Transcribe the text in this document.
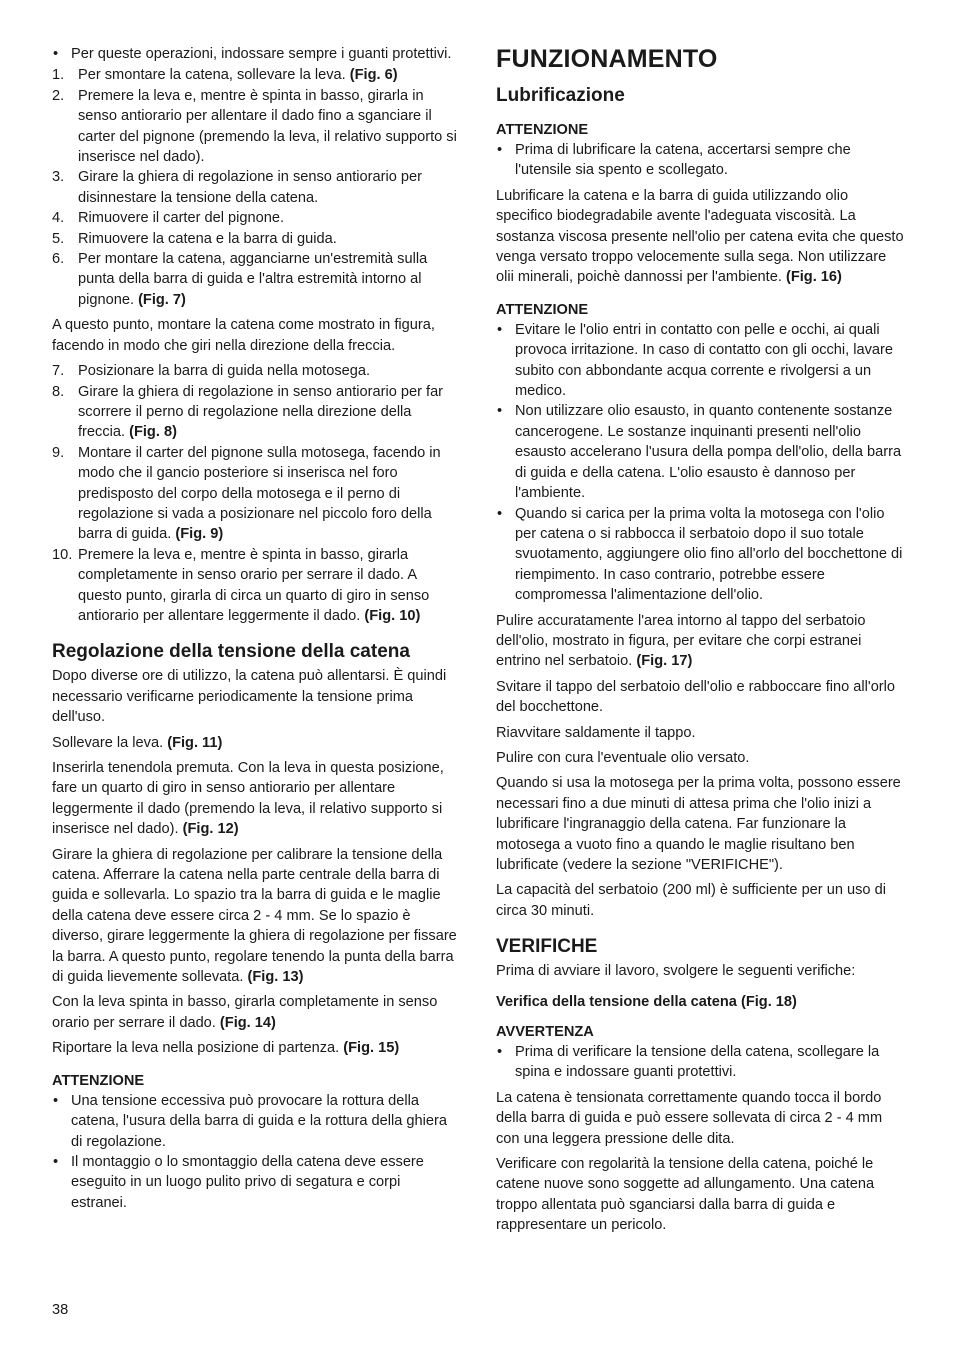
• Per queste operazioni, indossare sempre i guanti protettivi.
1. Per smontare la catena, sollevare la leva. (Fig. 6)
2. Premere la leva e, mentre è spinta in basso, girarla in senso antiorario per allentare il dado fino a sganciare il carter del pignone (premendo la leva, il relativo supporto si inserisce nel dado).
3. Girare la ghiera di regolazione in senso antiorario per disinnestare la tensione della catena.
4. Rimuovere il carter del pignone.
5. Rimuovere la catena e la barra di guida.
6. Per montare la catena, agganciarne un'estremità sulla punta della barra di guida e l'altra estremità intorno al pignone. (Fig. 7)

A questo punto, montare la catena come mostrato in figura, facendo in modo che giri nella direzione della freccia.

7. Posizionare la barra di guida nella motosega.
8. Girare la ghiera di regolazione in senso antiorario per far scorrere il perno di regolazione nella direzione della freccia. (Fig. 8)
9. Montare il carter del pignone sulla motosega, facendo in modo che il gancio posteriore si inserisca nel foro predisposto del corpo della motosega e il perno di regolazione si vada a posizionare nel piccolo foro della barra di guida. (Fig. 9)
10. Premere la leva e, mentre è spinta in basso, girarla completamente in senso orario per serrare il dado. A questo punto, girarla di circa un quarto di giro in senso antiorario per allentare leggermente il dado. (Fig. 10)
Regolazione della tensione della catena

Dopo diverse ore di utilizzo, la catena può allentarsi. È quindi necessario verificarne periodicamente la tensione prima dell'uso.

Sollevare la leva. (Fig. 11)

Inserirla tenendola premuta. Con la leva in questa posizione, fare un quarto di giro in senso antiorario per allentare leggermente il dado (premendo la leva, il relativo supporto si inserisce nel dado). (Fig. 12)

Girare la ghiera di regolazione per calibrare la tensione della catena. Afferrare la catena nella parte centrale della barra di guida e sollevarla. Lo spazio tra la barra di guida e le maglie della catena deve essere circa 2 - 4 mm. Se lo spazio è diverso, girare leggermente la ghiera di regolazione per fissare la barra. A questo punto, regolare tenendo la punta della barra di guida lievemente sollevata. (Fig. 13)

Con la leva spinta in basso, girarla completamente in senso orario per serrare il dado. (Fig. 14)

Riportare la leva nella posizione di partenza. (Fig. 15)

ATTENZIONE
• Una tensione eccessiva può provocare la rottura della catena, l'usura della barra di guida e la rottura della ghiera di regolazione.
• Il montaggio o lo smontaggio della catena deve essere eseguito in un luogo pulito privo di segatura e corpi estranei.
FUNZIONAMENTO
Lubrificazione
ATTENZIONE
• Prima di lubrificare la catena, accertarsi sempre che l'utensile sia spento e scollegato.

Lubrificare la catena e la barra di guida utilizzando olio specifico biodegradabile avente l'adeguata viscosità. La sostanza viscosa presente nell'olio per catena evita che questo venga versato troppo velocemente sulla sega. Non utilizzare olii minerali, poichè dannossi per l'ambiente. (Fig. 16)

ATTENZIONE
• Evitare le l'olio entri in contatto con pelle e occhi, ai quali provoca irritazione. In caso di contatto con gli occhi, lavare subito con abbondante acqua corrente e rivolgersi a un medico.
• Non utilizzare olio esausto, in quanto contenente sostanze cancerogene. Le sostanze inquinanti presenti nell'olio esausto accelerano l'usura della pompa dell'olio, della barra di guida e della catena. L'olio esausto è dannoso per l'ambiente.
• Quando si carica per la prima volta la motosega con l'olio per catena o si rabbocca il serbatoio dopo il suo totale svuotamento, aggiungere olio fino all'orlo del bocchettone di riempimento. In caso contrario, potrebbe essere compromessa l'alimentazione dell'olio.

Pulire accuratamente l'area intorno al tappo del serbatoio dell'olio, mostrato in figura, per evitare che corpi estranei entrino nel serbatoio. (Fig. 17)

Svitare il tappo del serbatoio dell'olio e rabboccare fino all'orlo del bocchettone.

Riavvitare saldamente il tappo.

Pulire con cura l'eventuale olio versato.

Quando si usa la motosega per la prima volta, possono essere necessari fino a due minuti di attesa prima che l'olio inizi a lubrificare l'ingranaggio della catena. Far funzionare la motosega a vuoto fino a quando le maglie risultano ben lubrificate (vedere la sezione "VERIFICHE").

La capacità del serbatoio (200 ml) è sufficiente per un uso di circa 30 minuti.

VERIFICHE

Prima di avviare il lavoro, svolgere le seguenti verifiche:

Verifica della tensione della catena (Fig. 18)

AVVERTENZA
• Prima di verificare la tensione della catena, scollegare la spina e indossare guanti protettivi.

La catena è tensionata correttamente quando tocca il bordo della barra di guida e può essere sollevata di circa 2 - 4 mm con una leggera pressione delle dita.

Verificare con regolarità la tensione della catena, poiché le catene nuove sono soggette ad allungamento. Una catena troppo allentata può sganciarsi dalla barra di guida e rappresentare un pericolo.

38
